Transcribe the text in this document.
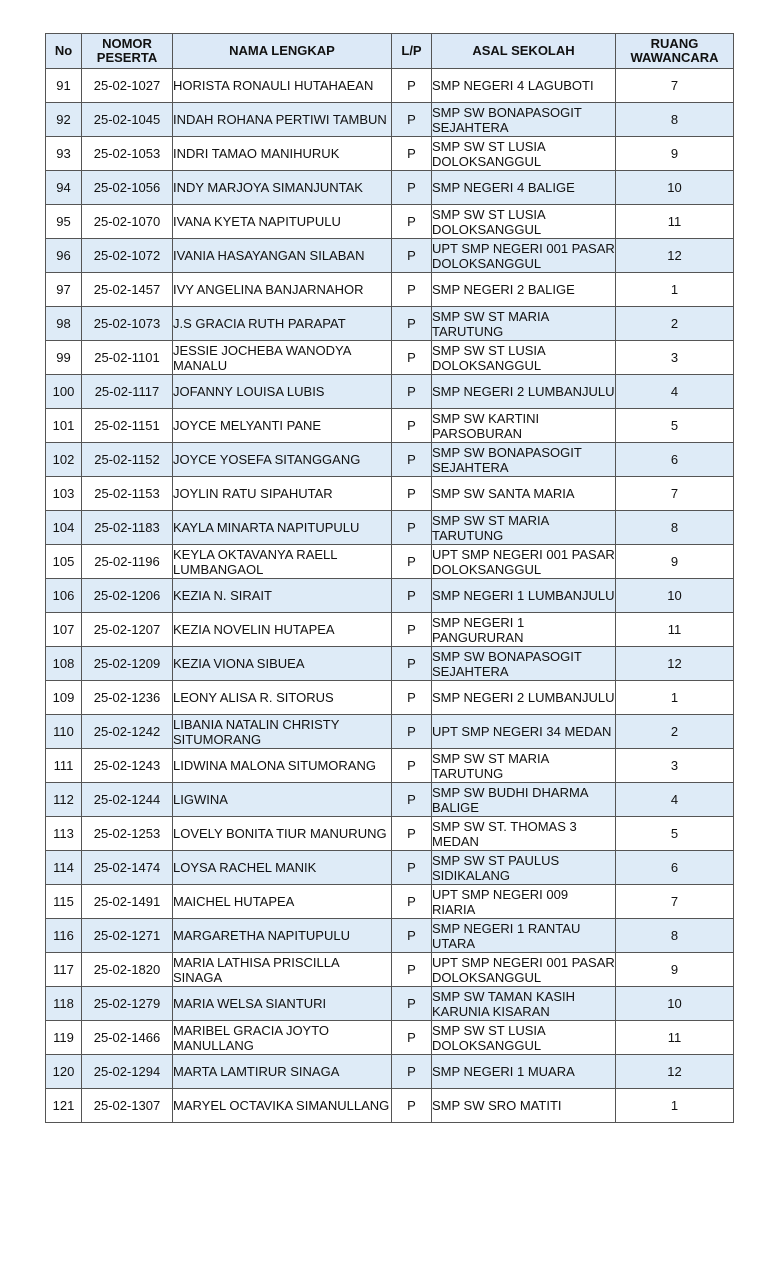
No	NOMOR PESERTA	NAMA LENGKAP	L/P	ASAL SEKOLAH	RUANG WAWANCARA
91	25-02-1027	HORISTA RONAULI HUTAHAEAN	P	SMP NEGERI 4 LAGUBOTI	7
92	25-02-1045	INDAH ROHANA PERTIWI TAMBUN	P	SMP SW BONAPASOGIT SEJAHTERA	8
93	25-02-1053	INDRI TAMAO MANIHURUK	P	SMP SW ST LUSIA DOLOKSANGGUL	9
94	25-02-1056	INDY MARJOYA SIMANJUNTAK	P	SMP NEGERI 4 BALIGE	10
95	25-02-1070	IVANA KYETA NAPITUPULU	P	SMP SW ST LUSIA DOLOKSANGGUL	11
96	25-02-1072	IVANIA HASAYANGAN SILABAN	P	UPT SMP NEGERI 001 PASAR DOLOKSANGGUL	12
97	25-02-1457	IVY ANGELINA BANJARNAHOR	P	SMP NEGERI 2 BALIGE	1
98	25-02-1073	J.S GRACIA RUTH PARAPAT	P	SMP SW ST MARIA TARUTUNG	2
99	25-02-1101	JESSIE JOCHEBA WANODYA MANALU	P	SMP SW ST LUSIA DOLOKSANGGUL	3
100	25-02-1117	JOFANNY LOUISA LUBIS	P	SMP NEGERI 2 LUMBANJULU	4
101	25-02-1151	JOYCE MELYANTI PANE	P	SMP SW KARTINI PARSOBURAN	5
102	25-02-1152	JOYCE YOSEFA SITANGGANG	P	SMP SW BONAPASOGIT SEJAHTERA	6
103	25-02-1153	JOYLIN RATU SIPAHUTAR	P	SMP SW SANTA MARIA	7
104	25-02-1183	KAYLA MINARTA NAPITUPULU	P	SMP SW ST MARIA TARUTUNG	8
105	25-02-1196	KEYLA OKTAVANYA RAELL LUMBANGAOL	P	UPT SMP NEGERI 001 PASAR DOLOKSANGGUL	9
106	25-02-1206	KEZIA N. SIRAIT	P	SMP NEGERI 1 LUMBANJULU	10
107	25-02-1207	KEZIA NOVELIN HUTAPEA	P	SMP NEGERI 1 PANGURURAN	11
108	25-02-1209	KEZIA VIONA SIBUEA	P	SMP SW BONAPASOGIT SEJAHTERA	12
109	25-02-1236	LEONY ALISA R. SITORUS	P	SMP NEGERI 2 LUMBANJULU	1
110	25-02-1242	LIBANIA NATALIN CHRISTY SITUMORANG	P	UPT SMP NEGERI 34 MEDAN	2
111	25-02-1243	LIDWINA MALONA SITUMORANG	P	SMP SW ST MARIA TARUTUNG	3
112	25-02-1244	LIGWINA	P	SMP SW BUDHI DHARMA BALIGE	4
113	25-02-1253	LOVELY BONITA TIUR MANURUNG	P	SMP SW ST. THOMAS 3 MEDAN	5
114	25-02-1474	LOYSA RACHEL MANIK	P	SMP SW ST PAULUS SIDIKALANG	6
115	25-02-1491	MAICHEL HUTAPEA	P	UPT SMP NEGERI 009 RIARIA	7
116	25-02-1271	MARGARETHA NAPITUPULU	P	SMP NEGERI 1 RANTAU UTARA	8
117	25-02-1820	MARIA LATHISA PRISCILLA SINAGA	P	UPT SMP NEGERI 001 PASAR DOLOKSANGGUL	9
118	25-02-1279	MARIA WELSA SIANTURI	P	SMP SW TAMAN KASIH KARUNIA KISARAN	10
119	25-02-1466	MARIBEL GRACIA JOYTO MANULLANG	P	SMP SW ST LUSIA DOLOKSANGGUL	11
120	25-02-1294	MARTA LAMTIRUR SINAGA	P	SMP NEGERI 1 MUARA	12
121	25-02-1307	MARYEL OCTAVIKA SIMANULLANG	P	SMP SW SRO MATITI	1
